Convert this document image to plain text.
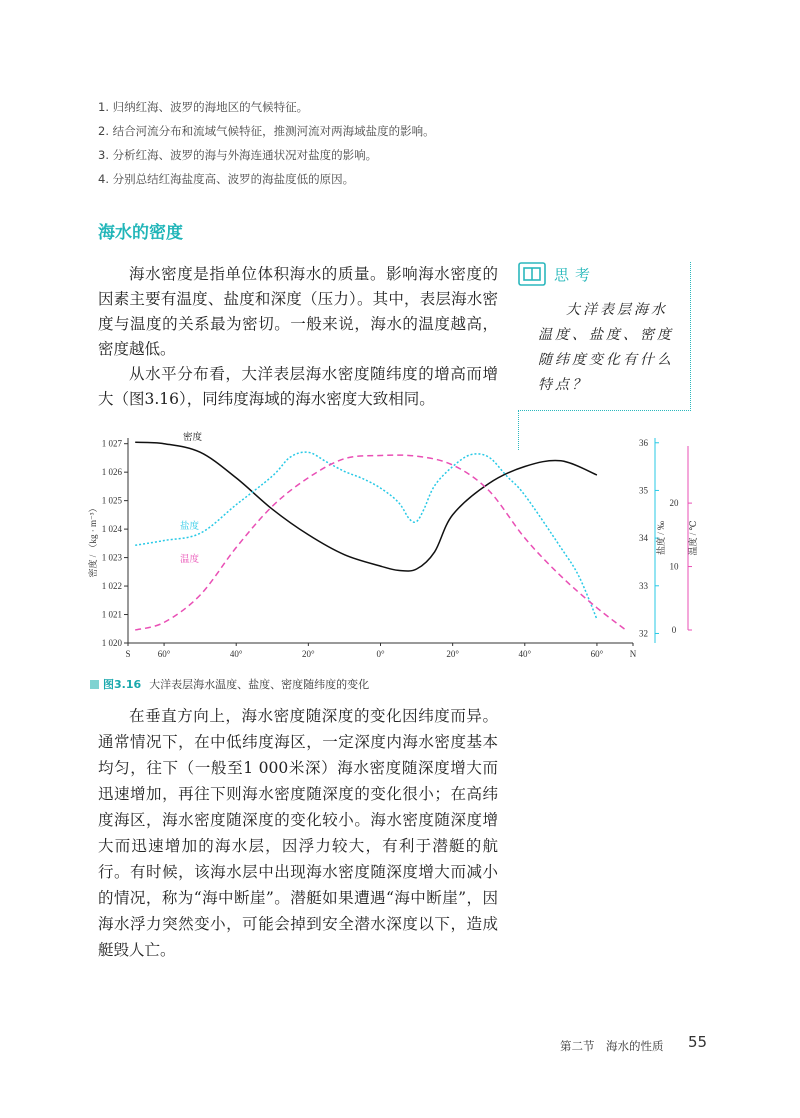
1. 归纳红海、波罗的海地区的气候特征。
2. 结合河流分布和流域气候特征，推测河流对两海域盐度的影响。
3. 分析红海、波罗的海与外海连通状况对盐度的影响。
4. 分别总结红海盐度高、波罗的海盐度低的原因。
海水的密度

海水密度是指单位体积海水的质量。影响海水密度的因素主要有温度、盐度和深度（压力）。其中，表层海水密度与温度的关系最为密切。一般来说，海水的温度越高，密度越低。

从水平分布看，大洋表层海水密度随纬度的增高而增大（图3.16），同纬度海域的海水密度大致相同。

思考
大洋表层海水温度、盐度、密度随纬度变化有什么特点？
1 020
1 021
1 022
1 023
1 024
1 025
1 026
1 027
32
33
34
35
36
0
10
20
S	60°	40°	20°	0°	20°	40°	60°	N
密度 / （kg · m⁻³）	盐度 / ‰ 温度 / ℃
密度
盐度
温度
图3.16 大洋表层海水温度、盐度、密度随纬度的变化

在垂直方向上，海水密度随深度的变化因纬度而异。通常情况下，在中低纬度海区，一定深度内海水密度基本均匀，往下（一般至1 000米深）海水密度随深度增大而迅速增加，再往下则海水密度随深度的变化很小；在高纬度海区，海水密度随深度的变化较小。海水密度随深度增大而迅速增加的海水层，因浮力较大，有利于潜艇的航行。有时候，该海水层中出现海水密度随深度增大而减小的情况，称为“海中断崖”。潜艇如果遭遇“海中断崖”，因海水浮力突然变小，可能会掉到安全潜水深度以下，造成艇毁人亡。

第二节　海水的性质 55
